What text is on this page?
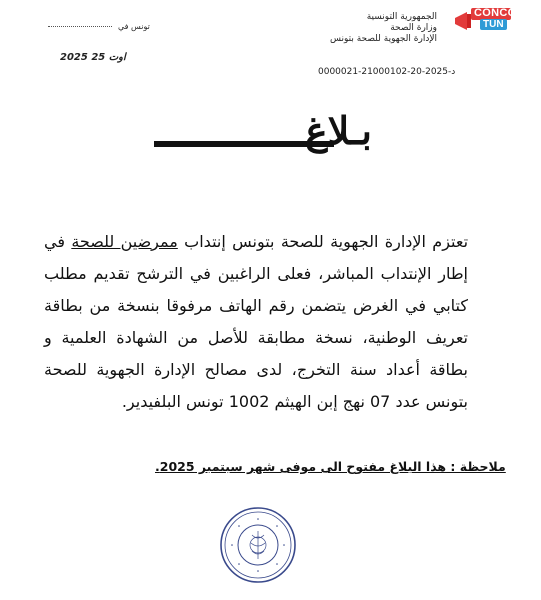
الجمهورية التونسية
وزارة الصحة
الإدارة الجهوية للصحة بتونس
تونس في
2025 اوت 25
د-2025-20-21000102-0000021
CONCOURS
TUN
بـلاغ
تعتزم الإدارة الجهوية للصحة بتونس إنتداب ممرضين للصحة في إطار الإنتداب المباشر، فعلى الراغبين في الترشح تقديم مطلب كتابي في الغرض يتضمن رقم الهاتف مرفوقا بنسخة من بطاقة تعريف الوطنية، نسخة مطابقة للأصل من الشهادة العلمية و بطاقة أعداد سنة التخرج، لدى مصالح الإدارة الجهوية للصحة بتونس عدد 07 نهج إبن الهيثم 1002 تونس البلفيدير.
ملاحظة : هذا البلاغ مفتوح الى موفى شهر سبتمبر 2025.
